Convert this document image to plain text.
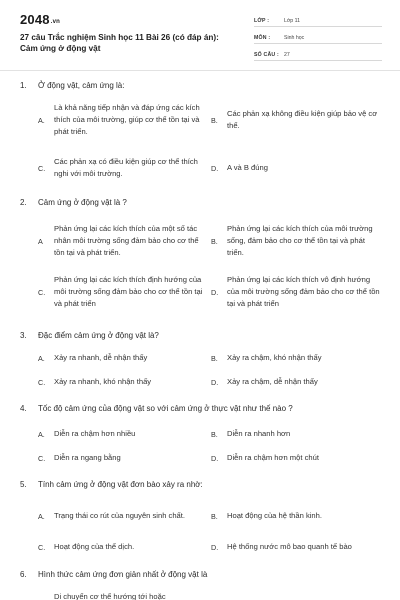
2048.vn
27 câu Trắc nghiệm Sinh học 11 Bài 26 (có đáp án): Cảm ứng ở động vật
LỚP :	Lớp 11
MÔN :	Sinh học
SỐ CÂU : 27
1. Ở động vật, cảm ứng là:
A.
Là khả năng tiếp nhận và đáp ứng các kích thích của môi trường, giúp cơ thể tồn tại và phát triển.
B.
Các phản xạ không điều kiện giúp bảo vệ cơ thể.
C.
Các phản xạ có điều kiện giúp cơ thể thích nghi với môi trường.
D.	A và B đúng
2. Cảm ứng ở động vật là ?
A
Phản ứng lại các kích thích của một số tác nhân môi trường sống đảm bảo cho cơ thể tồn tại và phát triển.
B.
Phản ứng lại các kích thích của môi trường sống, đảm bảo cho cơ thể tồn tại và phát triển.
C.
Phản ứng lại các kích thích định hướng của môi trường sống đảm bảo cho cơ thể tồn tại và phát triển
D.
Phản ứng lại các kích thích vô định hướng của môi trường sống đảm bảo cho cơ thể tồn tại và phát triển
3. Đặc điểm cảm ứng ở động vật là?
A.	Xảy ra nhanh, dễ nhận thấy	B.	Xảy ra chậm, khó nhận thấy
C.	Xảy ra nhanh, khó nhận thấy	D.	Xảy ra chậm, dễ nhận thấy
4. Tốc độ cảm ứng của động vật so với cảm ứng ở thực vật như thế nào ?
A.	Diễn ra chậm hơn nhiều	B.	Diễn ra nhanh hơn
C.	Diễn ra ngang bằng	D.	Diễn ra chậm hơn một chút
5. Tính cảm ứng ở động vật đơn bào xảy ra nhờ:
A.	Trạng thái co rút của nguyên sinh chất.	B.	Hoạt động của hệ thần kinh.
C.	Hoạt động của thể dịch.	D.	Hệ thống nước mô bao quanh tế bào
6. Hình thức cảm ứng đơn giản nhất ở động vật là
Di chuyển cơ thể hướng tới hoặc
